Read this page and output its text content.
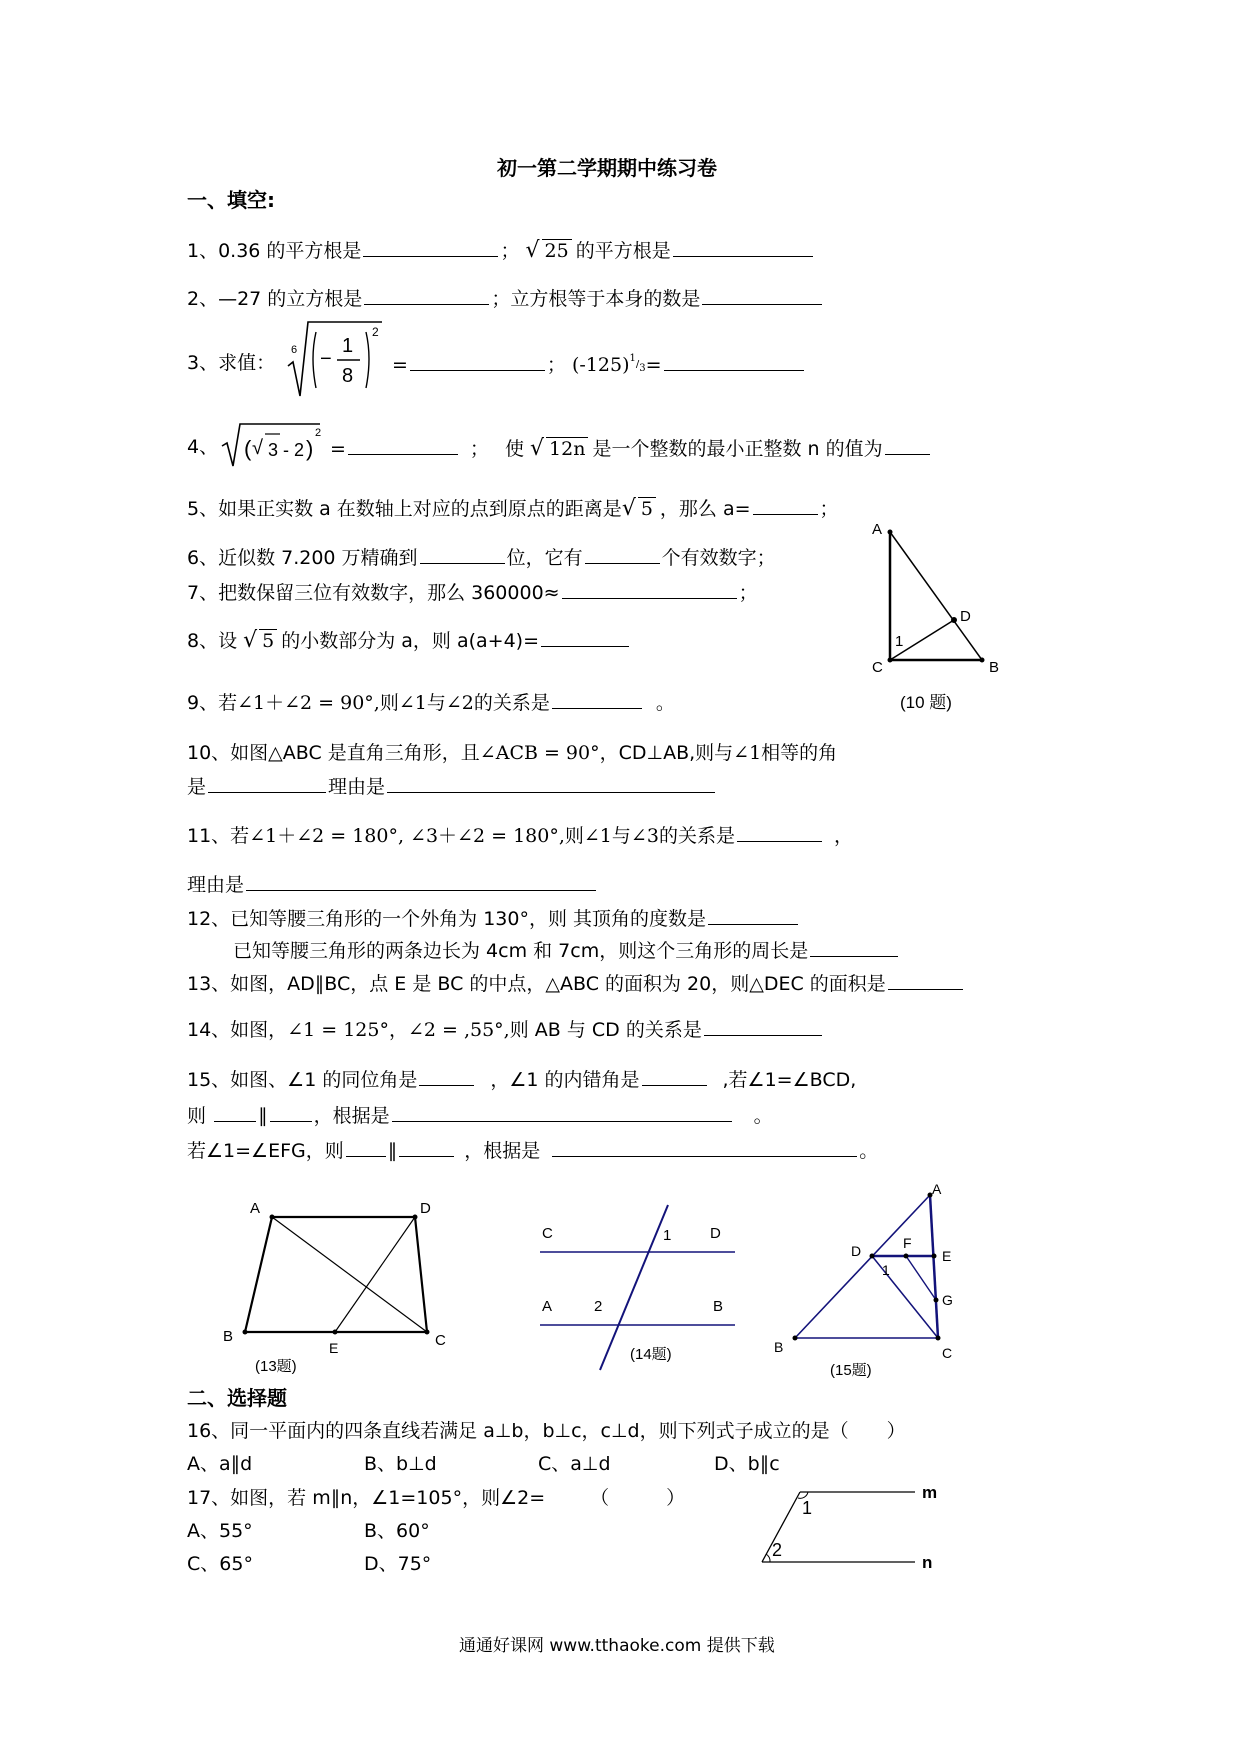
初一第二学期期中练习卷
一、填空:
1、0.36 的平方根是	； √ 25 的平方根是
2、—27 的立方根是	；立方根等于本身的数是
3、求值：
6 −
1
8
2
=	； $(-125)^{1/}3=$
4、 ( √ 3 - 2 )
2
=	； 使 √ 12n 是一个整数的最小正整数 n 的值为
5、如果正实数 a 在数轴上对应的点到原点的距离是 √ 5 ，那么 a=	；
6、近似数 7.200 万精确到	位，它有	个有效数字；
7、把数保留三位有效数字，那么 360000≈	；
8、设 √ 5 的小数部分为 a，则 a(a+4)=
A
C	B
D
1
(10 题)
9、若∠1＋∠2 = 90°,则∠1与∠2的关系是	。
10、如图△ABC 是直角三角形，且∠ACB = 90°，CD⊥AB,则与∠1相等的角
是	理由是
11、若∠1＋∠2 = 180°, ∠3＋∠2 = 180°,则∠1与∠3的关系是	，
理由是
12、已知等腰三角形的一个外角为 130°，则 其顶角的度数是
已知等腰三角形的两条边长为 4cm 和 7cm，则这个三角形的周长是
13、如图，AD∥BC，点 E 是 BC 的中点，△ABC 的面积为 20，则△DEC 的面积是
14、如图，∠1 = 125°，∠2 = ,55°,则 AB 与 CD 的关系是
15、如图、∠1 的同位角是	，∠1 的内错角是	,若∠1=∠BCD,
则	∥ ，根据是	。
若∠1=∠EFG，则 ∥	，根据是	。
A	D
B	C
E
(13题)
C	D
A	B
1
2
(14题)
A
D	F
E
G
1
B	C
(15题)
二、选择题
16、同一平面内的四条直线若满足 a⊥b，b⊥c，c⊥d，则下列式子成立的是（　　）
A、a∥d	B、b⊥d	C、a⊥d	D、b∥c
17、如图，若 m∥n，∠1=105°，则∠2= （　　　）
A、55°	B、60°
C、65°	D、75°
m
n
1
2
通通好课网 www.tthaoke.com 提供下载
